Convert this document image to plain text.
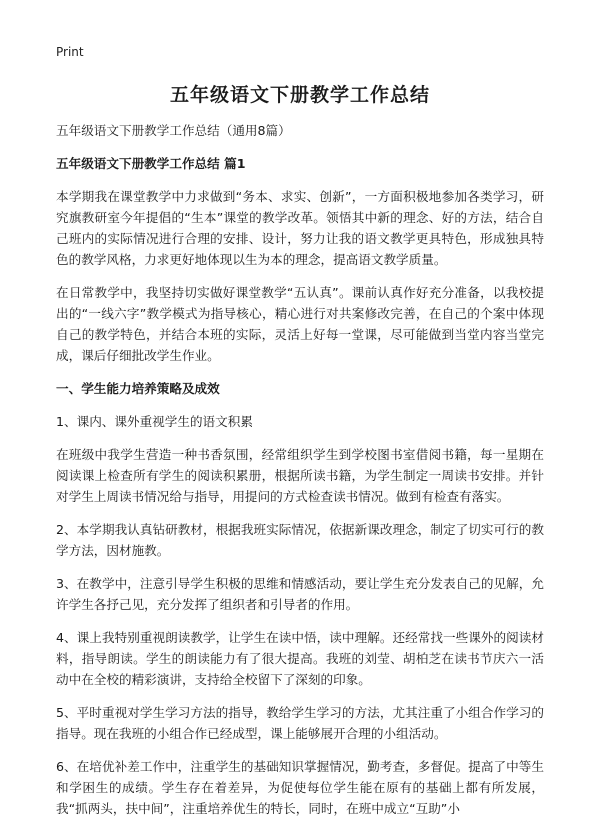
Print
五年级语文下册教学工作总结

五年级语文下册教学工作总结（通用8篇）

五年级语文下册教学工作总结 篇1

本学期我在课堂教学中力求做到“务本、求实、创新”，一方面积极地参加各类学习，研究旗教研室今年提倡的“生本”课堂的教学改革。领悟其中新的理念、好的方法，结合自己班内的实际情况进行合理的安排、设计，努力让我的语文教学更具特色，形成独具特色的教学风格，力求更好地体现以生为本的理念，提高语文教学质量。

在日常教学中，我坚持切实做好课堂教学“五认真”。课前认真作好充分准备，以我校提出的“一线六字”教学模式为指导核心，精心进行对共案修改完善，在自己的个案中体现自己的教学特色，并结合本班的实际，灵活上好每一堂课，尽可能做到当堂内容当堂完成，课后仔细批改学生作业。

一、学生能力培养策略及成效

1、课内、课外重视学生的语文积累

在班级中我学生营造一种书香氛围，经常组织学生到学校图书室借阅书籍，每一星期在阅读课上检查所有学生的阅读积累册，根据所读书籍，为学生制定一周读书安排。并针对学生上周读书情况给与指导，用提问的方式检查读书情况。做到有检查有落实。

2、本学期我认真钻研教材，根据我班实际情况，依据新课改理念，制定了切实可行的教学方法，因材施教。

3、在教学中，注意引导学生积极的思维和情感活动，要让学生充分发表自己的见解，允许学生各抒己见，充分发挥了组织者和引导者的作用。

4、课上我特别重视朗读教学，让学生在读中悟，读中理解。还经常找一些课外的阅读材料，指导朗读。学生的朗读能力有了很大提高。我班的刘莹、胡柏芝在读书节庆六一活动中在全校的精彩演讲，支持给全校留下了深刻的印象。

5、平时重视对学生学习方法的指导，教给学生学习的方法，尤其注重了小组合作学习的指导。现在我班的小组合作已经成型，课上能够展开合理的小组活动。

6、在培优补差工作中，注重学生的基础知识掌握情况，勤考查，多督促。提高了中等生和学困生的成绩。学生存在着差异，为促使每位学生能在原有的基础上都有所发展，我“抓两头，扶中间”，注重培养优生的特长，同时，在班中成立“互助”小
